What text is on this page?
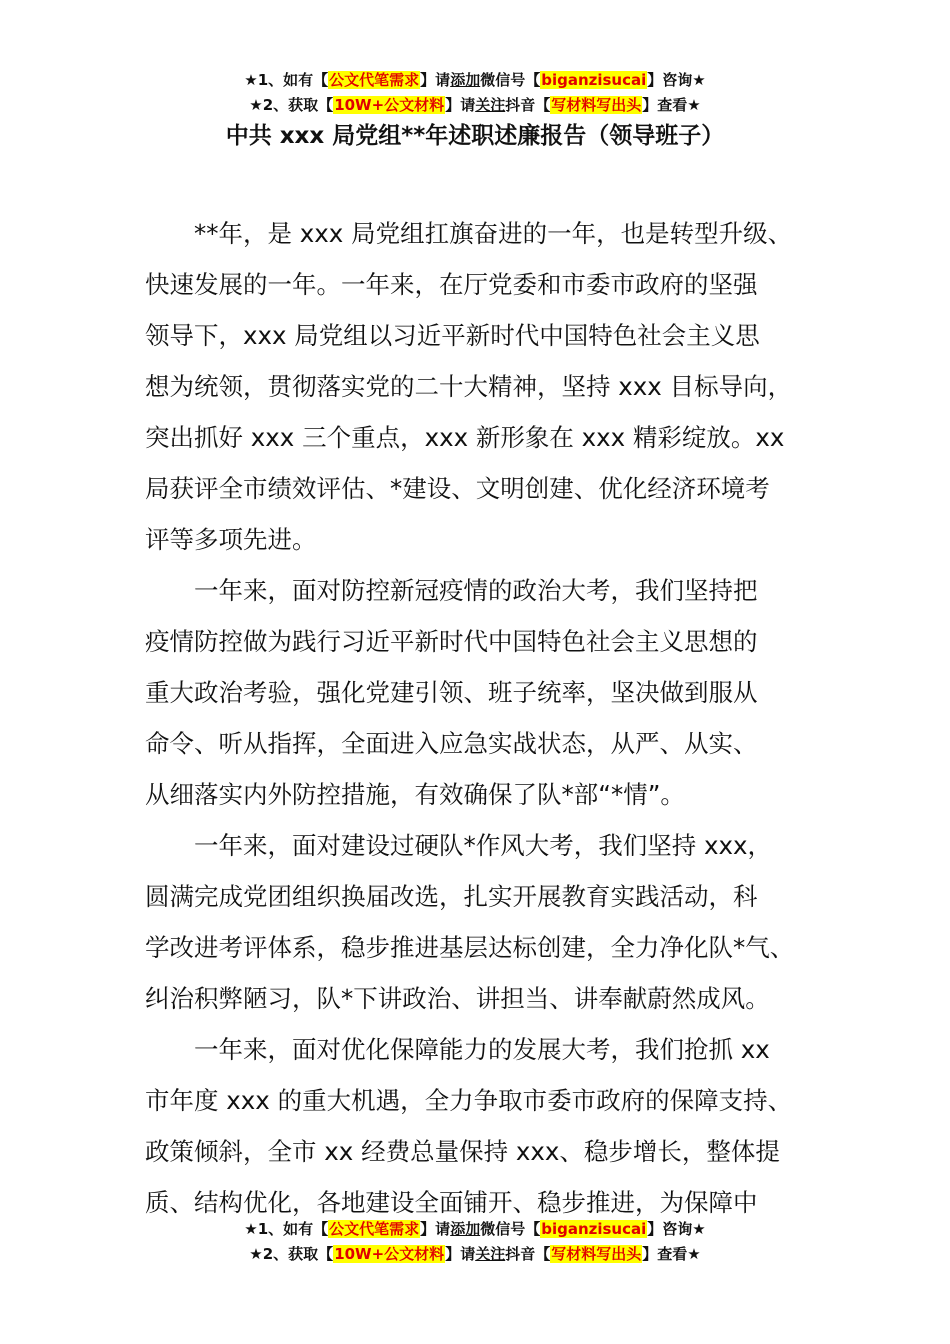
★1、如有【公文代笔需求】请添加微信号【biganzisucai】咨询★
★2、获取【10W+公文材料】请关注抖音【写材料写出头】查看★
中共 xxx 局党组**年述职述廉报告（领导班子）
**年，是 xxx 局党组扛旗奋进的一年，也是转型升级、
快速发展的一年。一年来，在厅党委和市委市政府的坚强
领导下，xxx 局党组以习近平新时代中国特色社会主义思
想为统领，贯彻落实党的二十大精神，坚持 xxx 目标导向，
突出抓好 xxx 三个重点，xxx 新形象在 xxx 精彩绽放。xx
局获评全市绩效评估、*建设、文明创建、优化经济环境考
评等多项先进。
一年来，面对防控新冠疫情的政治大考，我们坚持把
疫情防控做为践行习近平新时代中国特色社会主义思想的
重大政治考验，强化党建引领、班子统率，坚决做到服从
命令、听从指挥，全面进入应急实战状态，从严、从实、
从细落实内外防控措施，有效确保了队*部“*情”。
一年来，面对建设过硬队*作风大考，我们坚持 xxx，
圆满完成党团组织换届改选，扎实开展教育实践活动，科
学改进考评体系，稳步推进基层达标创建，全力净化队*气、
纠治积弊陋习，队*下讲政治、讲担当、讲奉献蔚然成风。
一年来，面对优化保障能力的发展大考，我们抢抓 xx
市年度 xxx 的重大机遇，全力争取市委市政府的保障支持、
政策倾斜，全市 xx 经费总量保持 xxx、稳步增长，整体提
质、结构优化，各地建设全面铺开、稳步推进，为保障中
★1、如有【公文代笔需求】请添加微信号【biganzisucai】咨询★
★2、获取【10W+公文材料】请关注抖音【写材料写出头】查看★
